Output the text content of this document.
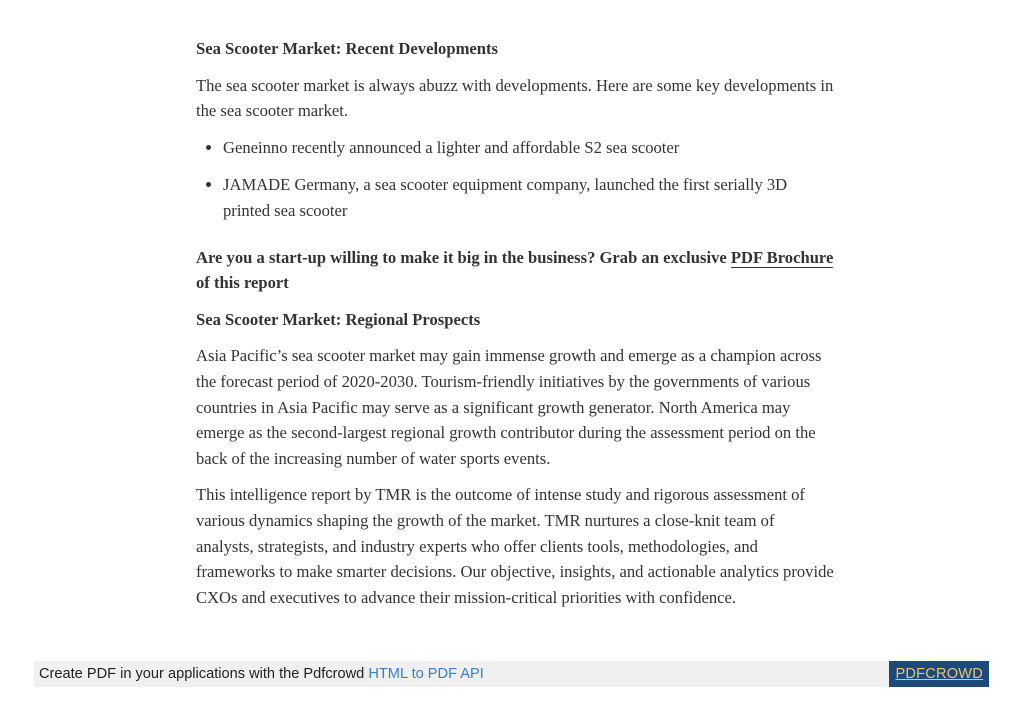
Sea Scooter Market: Recent Developments

The sea scooter market is always abuzz with developments. Here are some key developments in the sea scooter market.

• Geneinno recently announced a lighter and affordable S2 sea scooter
• JAMADE Germany, a sea scooter equipment company, launched the first serially 3D printed sea scooter
Are you a start-up willing to make it big in the business? Grab an exclusive PDF Brochure of this report
Sea Scooter Market: Regional Prospects

Asia Pacific’s sea scooter market may gain immense growth and emerge as a champion across the forecast period of 2020-2030. Tourism-friendly initiatives by the governments of various countries in Asia Pacific may serve as a significant growth generator. North America may emerge as the second-largest regional growth contributor during the assessment period on the back of the increasing number of water sports events.

This intelligence report by TMR is the outcome of intense study and rigorous assessment of various dynamics shaping the growth of the market. TMR nurtures a close-knit team of analysts, strategists, and industry experts who offer clients tools, methodologies, and frameworks to make smarter decisions. Our objective, insights, and actionable analytics provide CXOs and executives to advance their mission-critical priorities with confidence.

Create PDF in your applications with the Pdfcrowd HTML to PDF API	PDFCROWD
